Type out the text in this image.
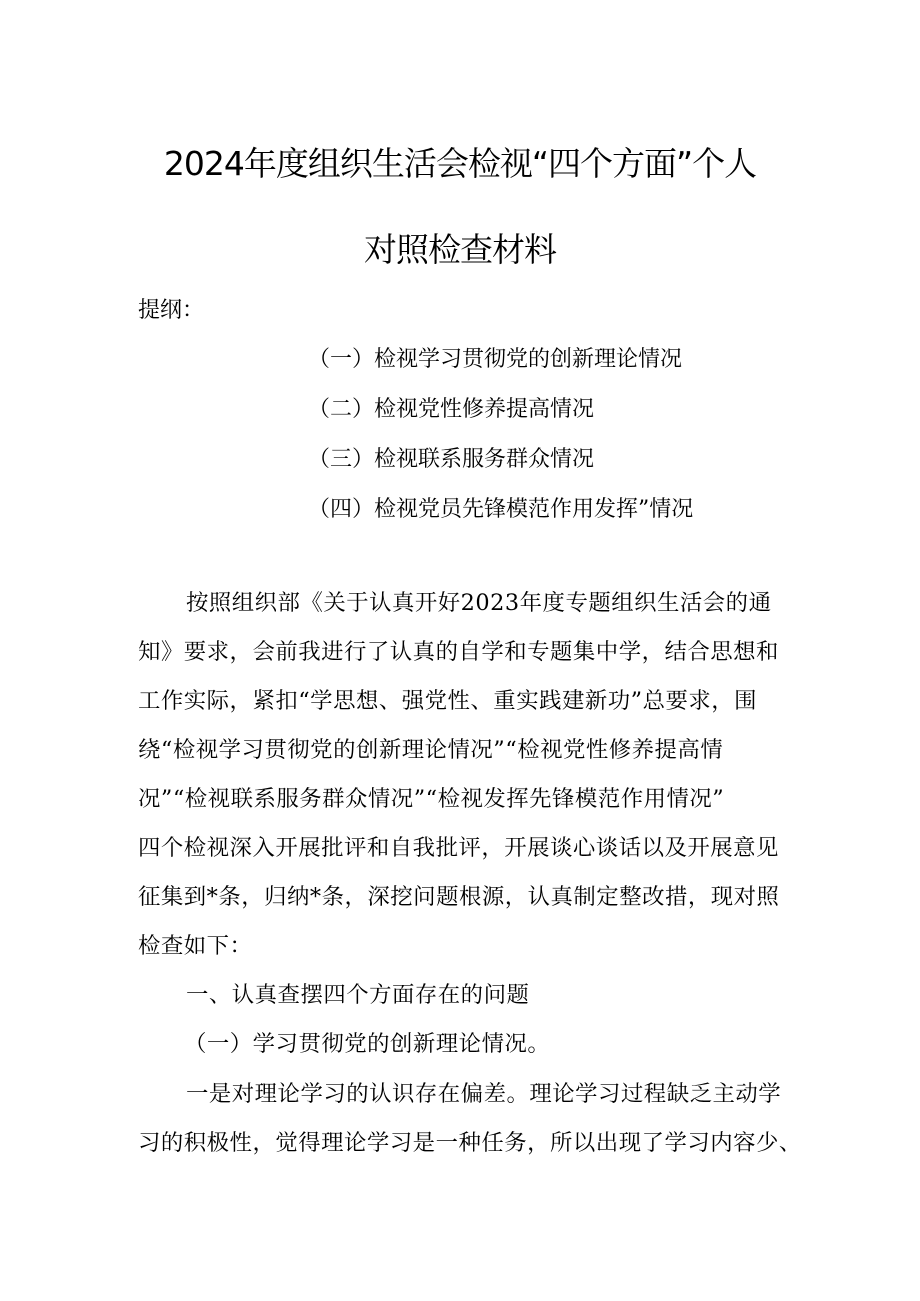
2024年度组织生活会检视“四个方面”个人
对照检查材料
提纲：
（一）检视学习贯彻党的创新理论情况
（二）检视党性修养提高情况
（三）检视联系服务群众情况
（四）检视党员先锋模范作用发挥”情况
按照组织部《关于认真开好2023年度专题组织生活会的通
知》要求，会前我进行了认真的自学和专题集中学，结合思想和
工作实际，紧扣“学思想、强党性、重实践建新功”总要求，围
绕“检视学习贯彻党的创新理论情况”“检视党性修养提高情
况”“检视联系服务群众情况”“检视发挥先锋模范作用情况”
四个检视深入开展批评和自我批评，开展谈心谈话以及开展意见
征集到*条，归纳*条，深挖问题根源，认真制定整改措，现对照
检查如下：
一、认真查摆四个方面存在的问题
（一）学习贯彻党的创新理论情况。
一是对理论学习的认识存在偏差。理论学习过程缺乏主动学
习的积极性，觉得理论学习是一种任务，所以出现了学习内容少、
